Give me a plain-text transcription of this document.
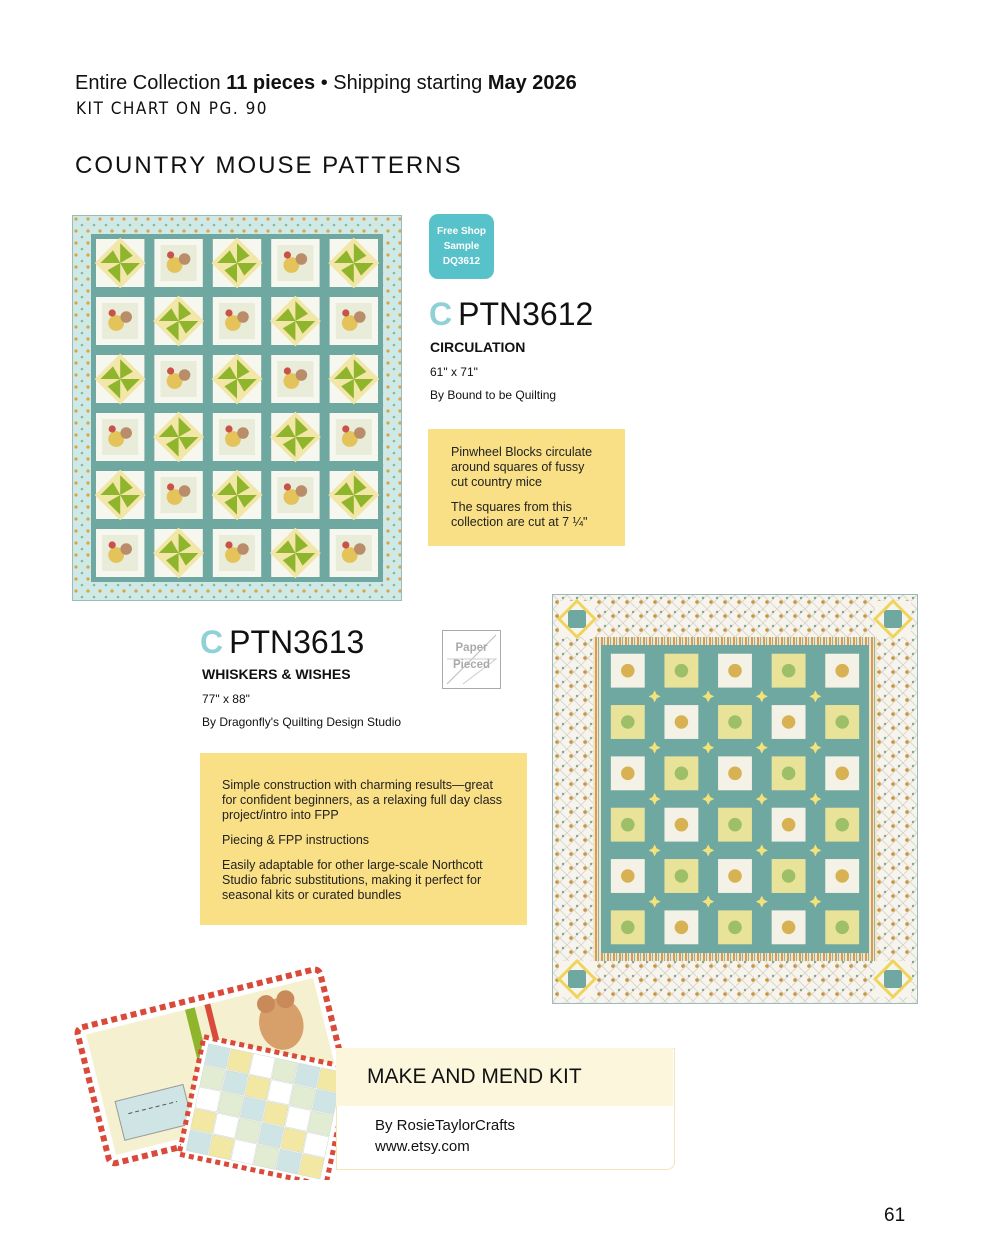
Entire Collection 11 pieces • Shipping starting May 2026
KIT CHART ON PG. 90
COUNTRY MOUSE PATTERNS
Free Shop
Sample
DQ3612
C PTN3612
CIRCULATION
61" x 71"
By Bound to be Quilting

Pinwheel Blocks circulate around squares of fussy cut country mice

The squares from this collection are cut at 7 ¼"

C PTN3613
WHISKERS & WISHES
77" x 88"
By Dragonfly's Quilting Design Studio
Paper
Pieced

Simple construction with charming results—great for confident beginners, as a relaxing full day class project/intro into FPP

Piecing & FPP instructions

Easily adaptable for other large-scale Northcott Studio fabric substitutions, making it perfect for seasonal kits or curated bundles

MAKE AND MEND KIT
By RosieTaylorCrafts
www.etsy.com
61
